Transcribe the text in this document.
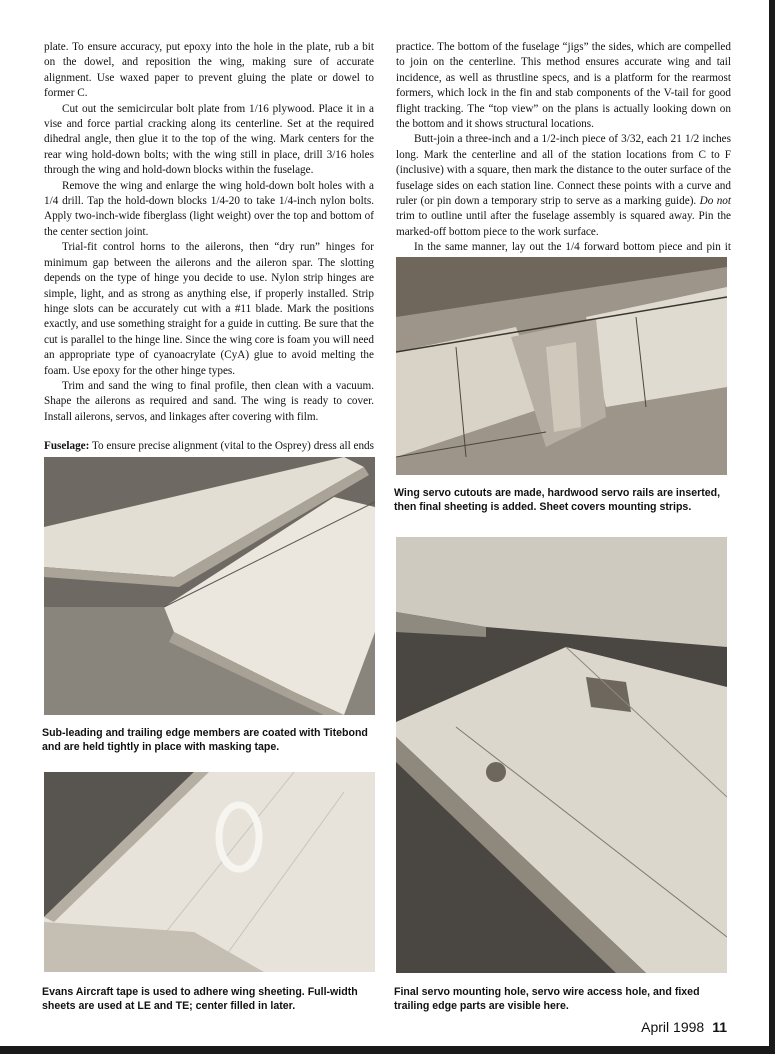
plate. To ensure accuracy, put epoxy into the hole in the plate, rub a bit on the dowel, and reposition the wing, making sure of accurate alignment. Use waxed paper to prevent gluing the plate or dowel to former C.

Cut out the semicircular bolt plate from 1/16 plywood. Place it in a vise and force partial cracking along its centerline. Set at the required dihedral angle, then glue it to the top of the wing. Mark centers for the rear wing hold-down bolts; with the wing still in place, drill 3/16 holes through the wing and hold-down blocks within the fuselage.

Remove the wing and enlarge the wing hold-down bolt holes with a 1/4 drill. Tap the hold-down blocks 1/4-20 to take 1/4-inch nylon bolts. Apply two-inch-wide fiberglass (light weight) over the top and bottom of the center section joint.

Trial-fit control horns to the ailerons, then “dry run” hinges for minimum gap between the ailerons and the aileron spar. The slotting depends on the type of hinge you decide to use. Nylon strip hinges are simple, light, and as strong as anything else, if properly installed. Strip hinge slots can be accurately cut with a #11 blade. Mark the positions exactly, and use something straight for a guide in cutting. Be sure that the cut is parallel to the hinge line. Since the wing core is foam you will need an appropriate type of cyanoacrylate (CyA) glue to avoid melting the foam. Use epoxy for the other hinge types.

Trim and sand the wing to final profile, then clean with a vacuum. Shape the ailerons as required and sand. The wing is ready to cover. Install ailerons, servos, and linkages after covering with film.

Fuselage: To ensure precise alignment (vital to the Osprey) dress all ends

practice. The bottom of the fuselage “jigs” the sides, which are compelled to join on the centerline. This method ensures accurate wing and tail incidence, as well as thrustline specs, and is a platform for the rearmost formers, which lock in the fin and stab components of the V-tail for good flight tracking. The “top view” on the plans is actually looking down on the bottom and it shows structural locations.

Butt-join a three-inch and a 1/2-inch piece of 3/32, each 21 1/2 inches long. Mark the centerline and all of the station locations from C to F (inclusive) with a square, then mark the distance to the outer surface of the fuselage sides on each station line. Connect these points with a curve and ruler (or pin down a temporary strip to serve as a marking guide). Do not trim to outline until after the fuselage assembly is squared away. Pin the marked-off bottom piece to the work surface.

In the same manner, lay out the 1/4 forward bottom piece and pin it

Wing servo cutouts are made, hardwood servo rails are inserted, then final sheeting is added. Sheet covers mounting strips.
Sub-leading and trailing edge members are coated with Titebond and are held tightly in place with masking tape.
Final servo mounting hole, servo wire access hole, and fixed trailing edge parts are visible here.
Evans Aircraft tape is used to adhere wing sheeting. Full-width sheets are used at LE and TE; center filled in later.
April 1998 11
